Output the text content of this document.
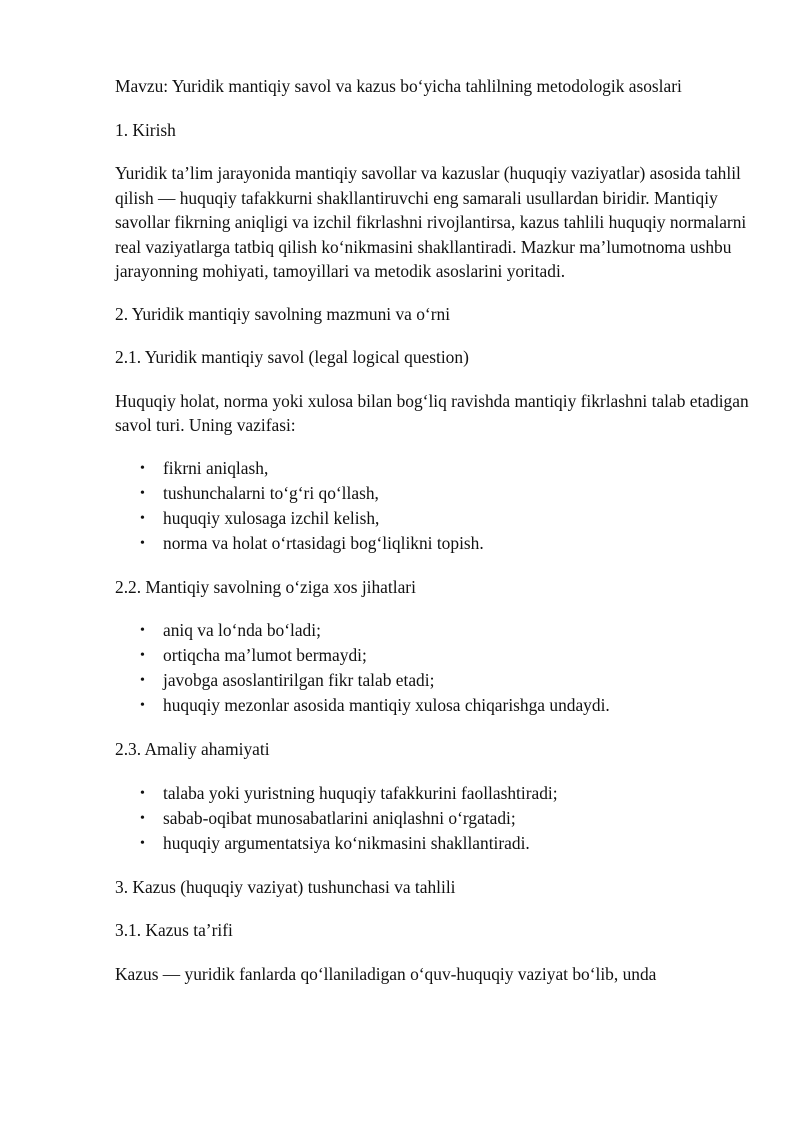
Mavzu: Yuridik mantiqiy savol va kazus bo‘yicha tahlilning metodologik asoslari

1. Kirish

Yuridik ta’lim jarayonida mantiqiy savollar va kazuslar (huquqiy vaziyatlar) asosida tahlil qilish — huquqiy tafakkurni shakllantiruvchi eng samarali usullardan biridir. Mantiqiy savollar fikrning aniqligi va izchil fikrlashni rivojlantirsa, kazus tahlili huquqiy normalarni real vaziyatlarga tatbiq qilish ko‘nikmasini shakllantiradi. Mazkur ma’lumotnoma ushbu jarayonning mohiyati, tamoyillari va metodik asoslarini yoritadi.

2. Yuridik mantiqiy savolning mazmuni va o‘rni

2.1. Yuridik mantiqiy savol (legal logical question)

Huquqiy holat, norma yoki xulosa bilan bog‘liq ravishda mantiqiy fikrlashni talab etadigan savol turi. Uning vazifasi:

• fikrni aniqlash,
• tushunchalarni to‘g‘ri qo‘llash,
• huquqiy xulosaga izchil kelish,
• norma va holat o‘rtasidagi bog‘liqlikni topish.

2.2. Mantiqiy savolning o‘ziga xos jihatlari

• aniq va lo‘nda bo‘ladi;
• ortiqcha ma’lumot bermaydi;
• javobga asoslantirilgan fikr talab etadi;
• huquqiy mezonlar asosida mantiqiy xulosa chiqarishga undaydi.

2.3. Amaliy ahamiyati

• talaba yoki yuristning huquqiy tafakkurini faollashtiradi;
• sabab-oqibat munosabatlarini aniqlashni o‘rgatadi;
• huquqiy argumentatsiya ko‘nikmasini shakllantiradi.

3. Kazus (huquqiy vaziyat) tushunchasi va tahlili

3.1. Kazus ta’rifi

Kazus — yuridik fanlarda qo‘llaniladigan o‘quv-huquqiy vaziyat bo‘lib, unda
